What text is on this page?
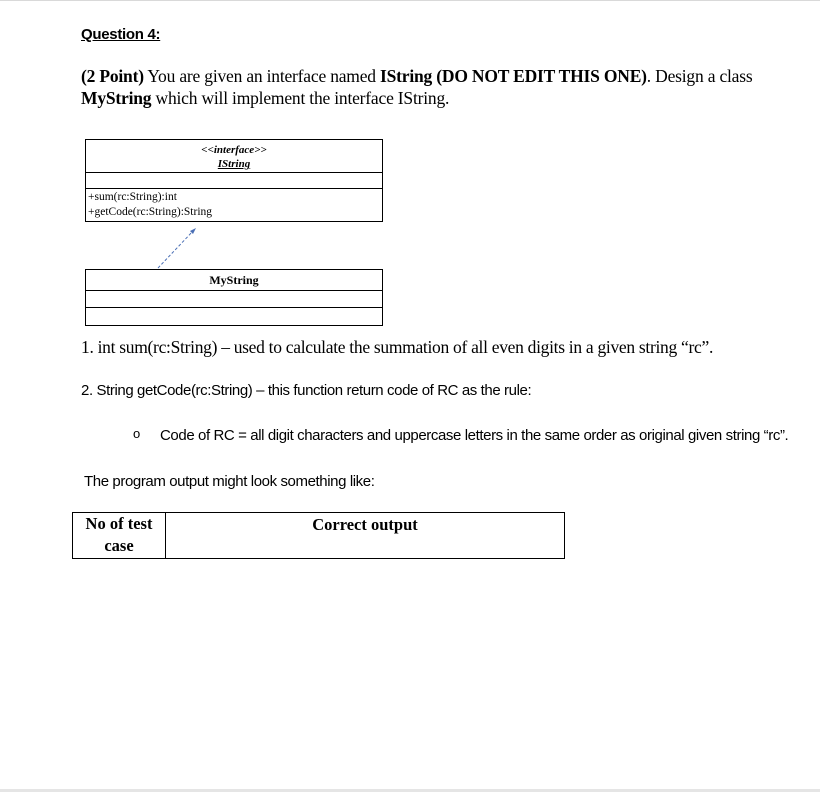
Question 4:
(2 Point) You are given an interface named IString (DO NOT EDIT THIS ONE). Design a class MyString which will implement the interface IString.
<<interface>>
IString
+sum(rc:String):int
+getCode(rc:String):String
MyString
1. int sum(rc:String) – used to calculate the summation of all even digits in a given string “rc”.
2. String getCode(rc:String) – this function return code of RC as the rule:
o Code of RC = all digit characters and uppercase letters in the same order as original given string “rc”.
The program output might look something like:
No of test case	Correct output
